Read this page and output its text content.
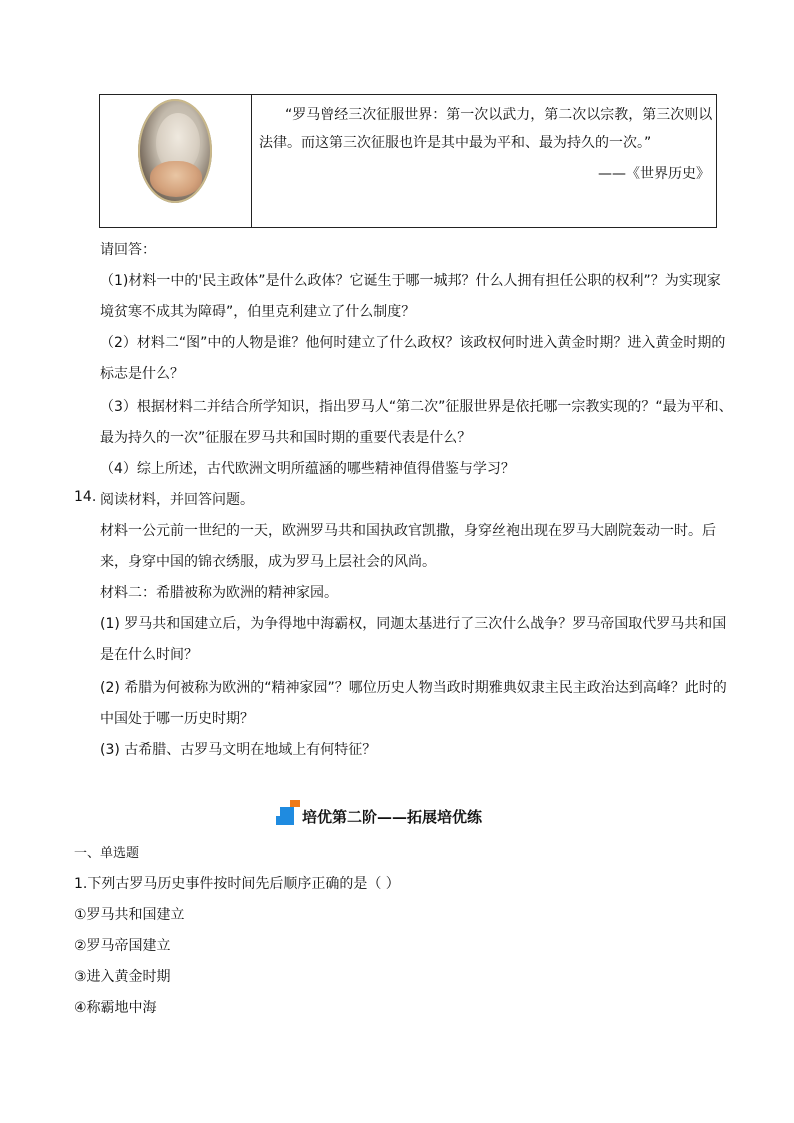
“罗马曾经三次征服世界：第一次以武力，第二次以宗教，第三次则以
法律。而这第三次征服也许是其中最为平和、最为持久的一次。”
——《世界历史》
请回答：
（1)材料一中的'民主政体”是什么政体？它诞生于哪一城邦？什么人拥有担任公职的权利”？为实现家
境贫寒不成其为障碍”，伯里克利建立了什么制度？
（2）材料二“图”中的人物是谁？他何时建立了什么政权？该政权何时进入黄金时期？进入黄金时期的
标志是什么？
（3）根据材料二并结合所学知识，指出罗马人“第二次”征服世界是依托哪一宗教实现的？“最为平和、
最为持久的一次”征服在罗马共和国时期的重要代表是什么？
（4）综上所述，古代欧洲文明所蕴涵的哪些精神值得借鉴与学习？
14. 阅读材料，并回答问题。
材料一公元前一世纪的一天，欧洲罗马共和国执政官凯撒，身穿丝袍出现在罗马大剧院轰动一时。后
来，身穿中国的锦衣绣服，成为罗马上层社会的风尚。
材料二：希腊被称为欧洲的精神家园。
(1) 罗马共和国建立后，为争得地中海霸权，同迦太基进行了三次什么战争？罗马帝国取代罗马共和国
是在什么时间？
(2) 希腊为何被称为欧洲的“精神家园”？哪位历史人物当政时期雅典奴隶主民主政治达到高峰？此时的
中国处于哪一历史时期？
(3) 古希腊、古罗马文明在地域上有何特征？
培优第二阶——拓展培优练
一、单选题
1.下列古罗马历史事件按时间先后顺序正确的是（ ）
①罗马共和国建立
②罗马帝国建立
③进入黄金时期
④称霸地中海
